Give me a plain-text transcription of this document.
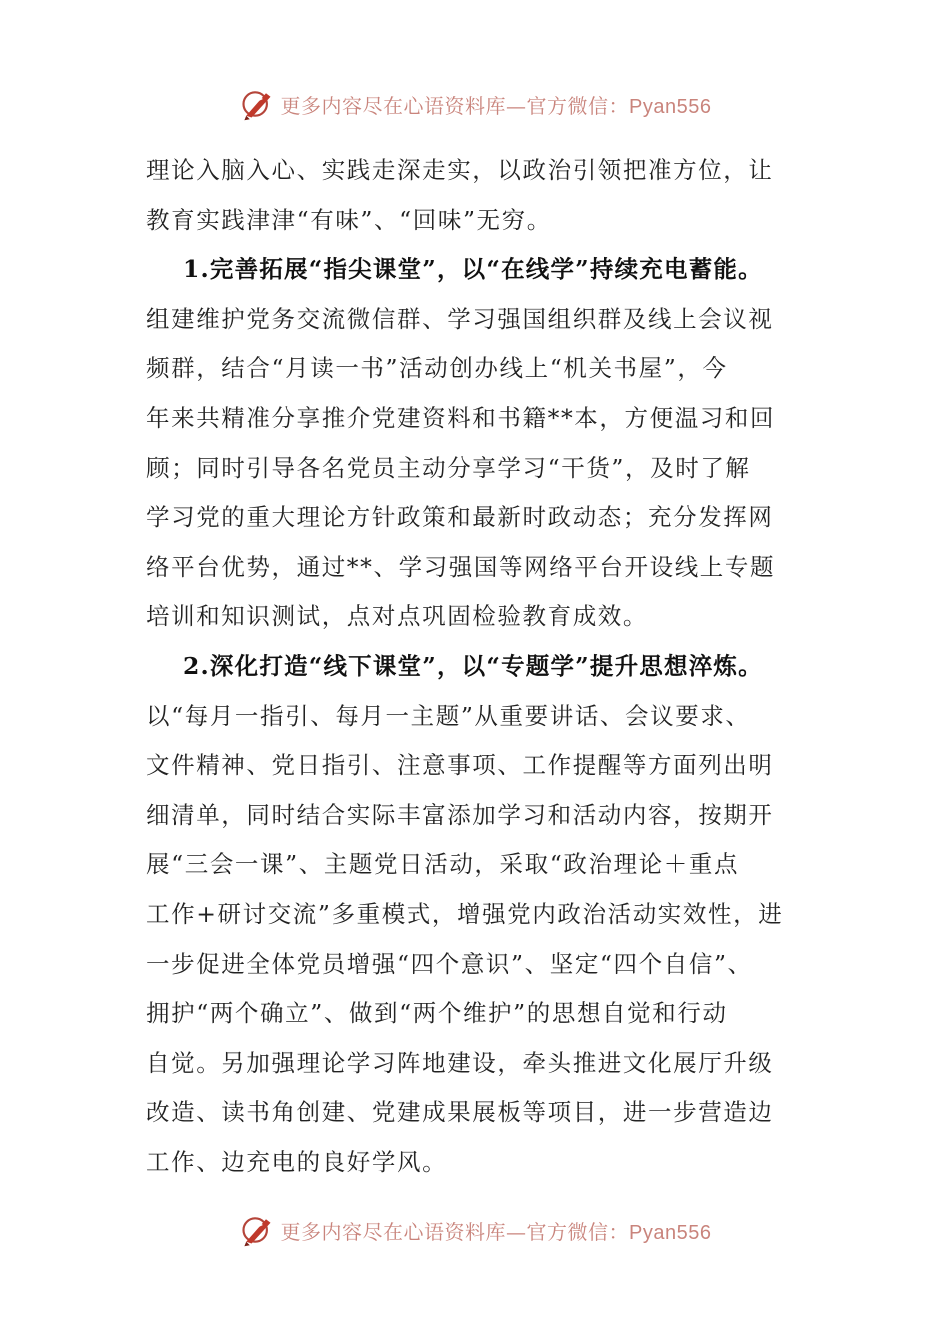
更多内容尽在心语资料库—官方微信：Pyan556
理论入脑入心、实践走深走实，以政治引领把准方位，让
教育实践津津“有味”、“回味”无穷。
1.完善拓展“指尖课堂”，以“在线学”持续充电蓄能。
组建维护党务交流微信群、学习强国组织群及线上会议视
频群，结合“月读一书”活动创办线上“机关书屋”，今
年来共精准分享推介党建资料和书籍**本，方便温习和回
顾；同时引导各名党员主动分享学习“干货”，及时了解
学习党的重大理论方针政策和最新时政动态；充分发挥网
络平台优势，通过**、学习强国等网络平台开设线上专题
培训和知识测试，点对点巩固检验教育成效。
2.深化打造“线下课堂”，以“专题学”提升思想淬炼。
以“每月一指引、每月一主题”从重要讲话、会议要求、
文件精神、党日指引、注意事项、工作提醒等方面列出明
细清单，同时结合实际丰富添加学习和活动内容，按期开
展“三会一课”、主题党日活动，采取“政治理论＋重点
工作+研讨交流”多重模式，增强党内政治活动实效性，进
一步促进全体党员增强“四个意识”、坚定“四个自信”、
拥护“两个确立”、做到“两个维护”的思想自觉和行动
自觉。另加强理论学习阵地建设，牵头推进文化展厅升级
改造、读书角创建、党建成果展板等项目，进一步营造边
工作、边充电的良好学风。
更多内容尽在心语资料库—官方微信：Pyan556
